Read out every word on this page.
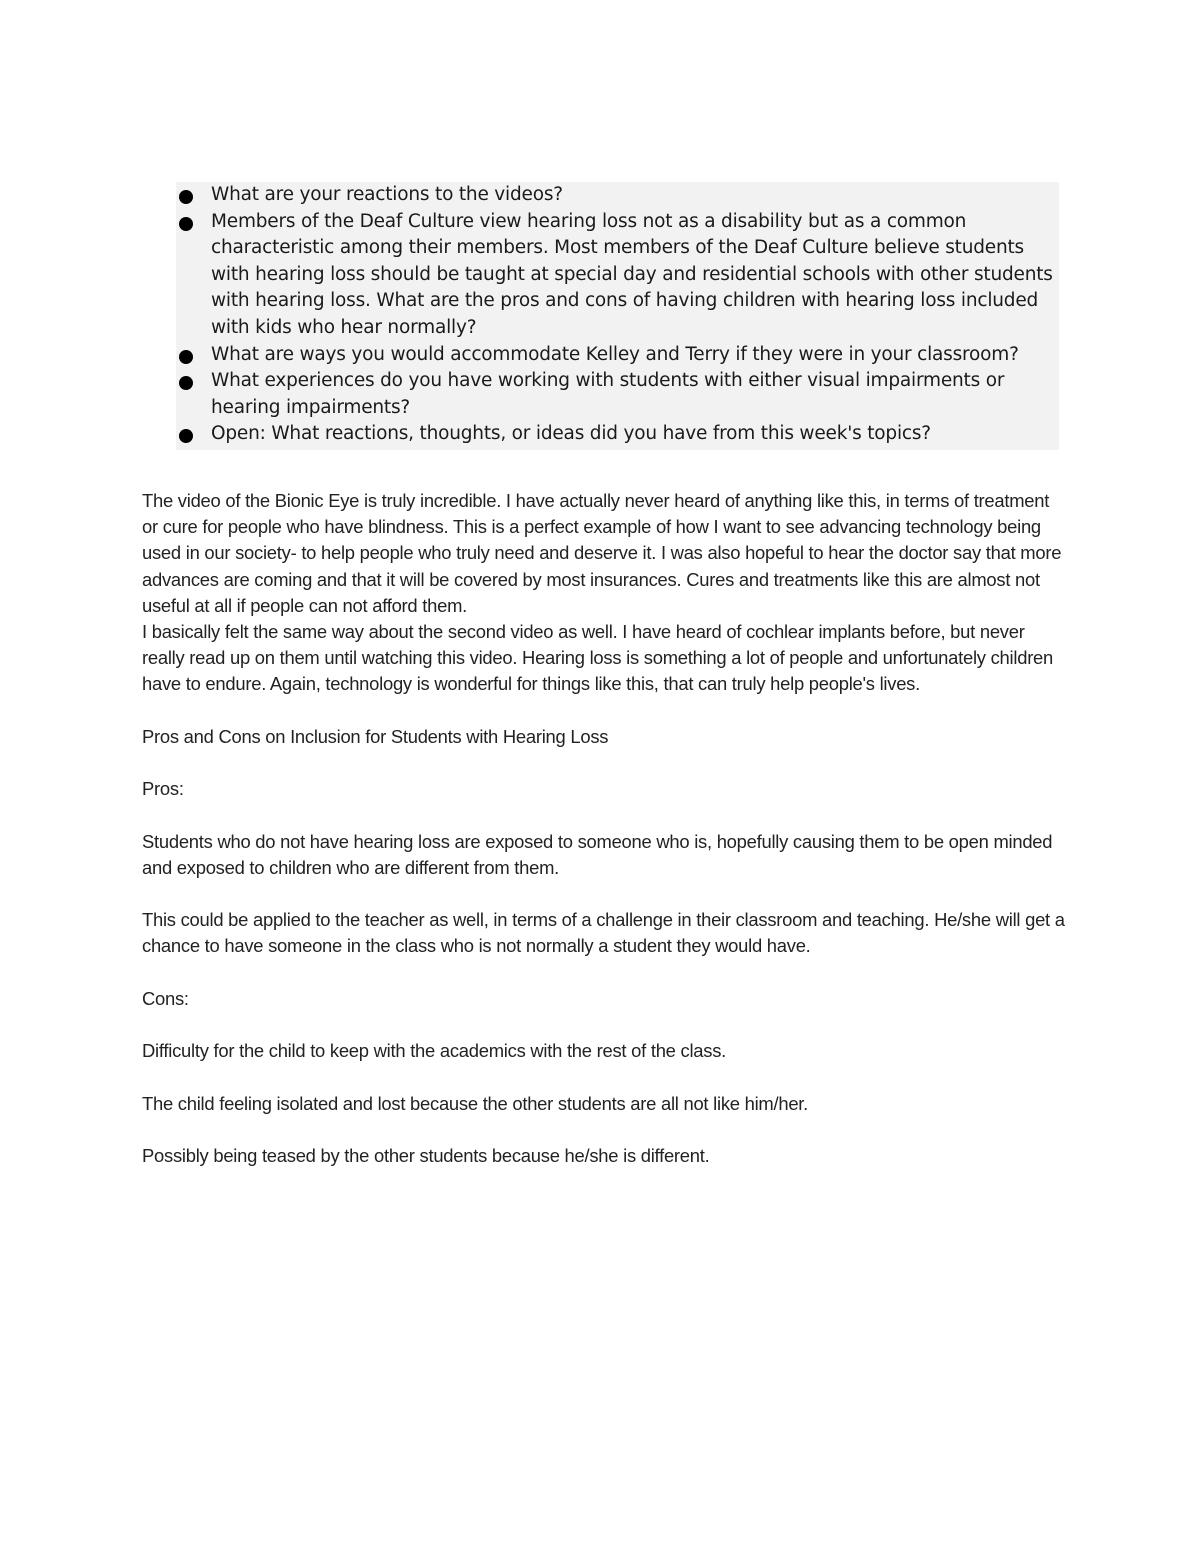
What are your reactions to the videos?
Members of the Deaf Culture view hearing loss not as a disability but as a common characteristic among their members. Most members of the Deaf Culture believe students with hearing loss should be taught at special day and residential schools with other students with hearing loss. What are the pros and cons of having children with hearing loss included with kids who hear normally?
What are ways you would accommodate Kelley and Terry if they were in your classroom?
What experiences do you have working with students with either visual impairments or hearing impairments?
Open: What reactions, thoughts, or ideas did you have from this week's topics?

The video of the Bionic Eye is truly incredible. I have actually never heard of anything like this, in terms of treatment or cure for people who have blindness. This is a perfect example of how I want to see advancing technology being used in our society- to help people who truly need and deserve it. I was also hopeful to hear the doctor say that more advances are coming and that it will be covered by most insurances. Cures and treatments like this are almost not useful at all if people can not afford them.

I basically felt the same way about the second video as well. I have heard of cochlear implants before, but never really read up on them until watching this video. Hearing loss is something a lot of people and unfortunately children have to endure. Again, technology is wonderful for things like this, that can truly help people's lives.

Pros and Cons on Inclusion for Students with Hearing Loss

Pros:

Students who do not have hearing loss are exposed to someone who is, hopefully causing them to be open minded and exposed to children who are different from them.

This could be applied to the teacher as well, in terms of a challenge in their classroom and teaching. He/she will get a chance to have someone in the class who is not normally a student they would have.

Cons:

Difficulty for the child to keep with the academics with the rest of the class.

The child feeling isolated and lost because the other students are all not like him/her.

Possibly being teased by the other students because he/she is different.
